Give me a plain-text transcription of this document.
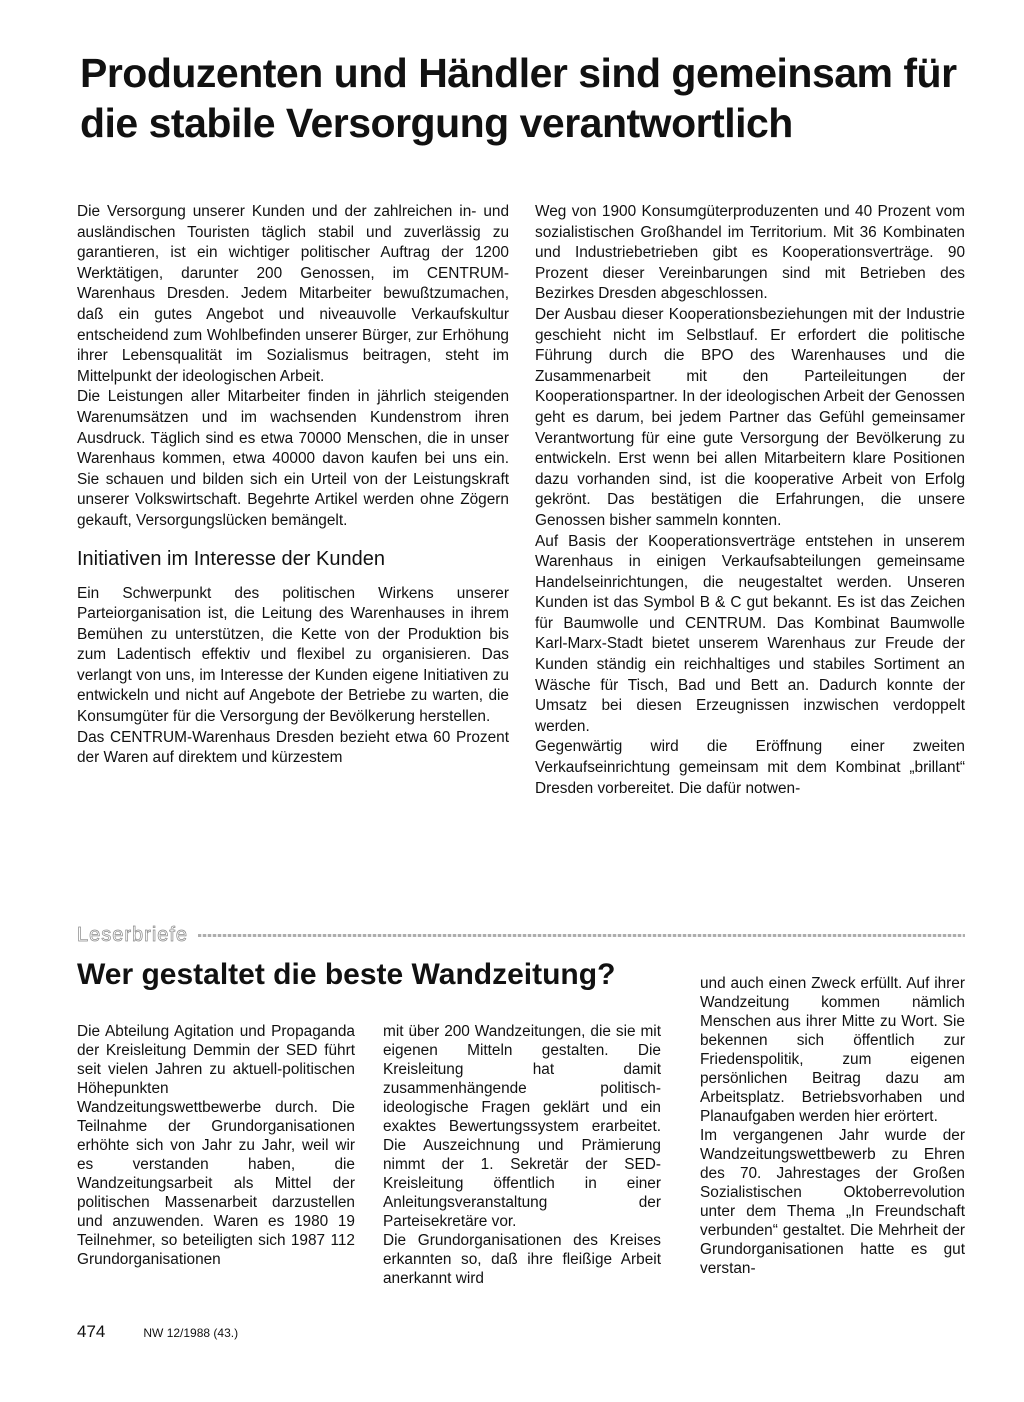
Produzenten und Händler sind gemeinsam für die stabile Versorgung verantwortlich

Die Versorgung unserer Kunden und der zahlreichen in- und ausländischen Touristen täglich stabil und zuverlässig zu garantieren, ist ein wichtiger politischer Auftrag der 1200 Werktätigen, darunter 200 Genossen, im CENTRUM-Warenhaus Dresden. Jedem Mitarbeiter bewußtzumachen, daß ein gutes Angebot und niveauvolle Verkaufskultur entscheidend zum Wohlbefinden unserer Bürger, zur Erhöhung ihrer Lebensqualität im Sozialismus beitragen, steht im Mittelpunkt der ideologischen Arbeit.

Die Leistungen aller Mitarbeiter finden in jährlich steigenden Warenumsätzen und im wachsenden Kundenstrom ihren Ausdruck. Täglich sind es etwa 70000 Menschen, die in unser Warenhaus kommen, etwa 40000 davon kaufen bei uns ein. Sie schauen und bilden sich ein Urteil von der Leistungskraft unserer Volkswirtschaft. Begehrte Artikel werden ohne Zögern gekauft, Versorgungslücken bemängelt.

Initiativen im Interesse der Kunden

Ein Schwerpunkt des politischen Wirkens unserer Parteiorganisation ist, die Leitung des Warenhauses in ihrem Bemühen zu unterstützen, die Kette von der Produktion bis zum Ladentisch effektiv und flexibel zu organisieren. Das verlangt von uns, im Interesse der Kunden eigene Initiativen zu entwickeln und nicht auf Angebote der Betriebe zu warten, die Konsumgüter für die Versorgung der Bevölkerung herstellen.

Das CENTRUM-Warenhaus Dresden bezieht etwa 60 Prozent der Waren auf direktem und kürzestem

Weg von 1900 Konsumgüterproduzenten und 40 Prozent vom sozialistischen Großhandel im Territorium. Mit 36 Kombinaten und Industriebetrieben gibt es Kooperationsverträge. 90 Prozent dieser Vereinbarungen sind mit Betrieben des Bezirkes Dresden abgeschlossen.

Der Ausbau dieser Kooperationsbeziehungen mit der Industrie geschieht nicht im Selbstlauf. Er erfordert die politische Führung durch die BPO des Warenhauses und die Zusammenarbeit mit den Parteileitungen der Kooperationspartner. In der ideologischen Arbeit der Genossen geht es darum, bei jedem Partner das Gefühl gemeinsamer Verantwortung für eine gute Versorgung der Bevölkerung zu entwickeln. Erst wenn bei allen Mitarbeitern klare Positionen dazu vorhanden sind, ist die kooperative Arbeit von Erfolg gekrönt. Das bestätigen die Erfahrungen, die unsere Genossen bisher sammeln konnten.

Auf Basis der Kooperationsverträge entstehen in unserem Warenhaus in einigen Verkaufsabteilungen gemeinsame Handelseinrichtungen, die neugestaltet werden. Unseren Kunden ist das Symbol B & C gut bekannt. Es ist das Zeichen für Baumwolle und CENTRUM. Das Kombinat Baumwolle Karl-Marx-Stadt bietet unserem Warenhaus zur Freude der Kunden ständig ein reichhaltiges und stabiles Sortiment an Wäsche für Tisch, Bad und Bett an. Dadurch konnte der Umsatz bei diesen Erzeugnissen inzwischen verdoppelt werden.

Gegenwärtig wird die Eröffnung einer zweiten Verkaufseinrichtung gemeinsam mit dem Kombinat „brillant“ Dresden vorbereitet. Die dafür notwen-

Leserbriefe
Wer gestaltet die beste Wandzeitung?

Die Abteilung Agitation und Propaganda der Kreisleitung Demmin der SED führt seit vielen Jahren zu aktuell-politischen Höhepunkten Wandzeitungswettbewerbe durch. Die Teilnahme der Grundorganisationen erhöhte sich von Jahr zu Jahr, weil wir es verstanden haben, die Wandzeitungsarbeit als Mittel der politischen Massenarbeit darzustellen und anzuwenden. Waren es 1980 19 Teilnehmer, so beteiligten sich 1987 112 Grundorganisationen

mit über 200 Wandzeitungen, die sie mit eigenen Mitteln gestalten. Die Kreisleitung hat damit zusammenhängende politisch-ideologische Fragen geklärt und ein exaktes Bewertungssystem erarbeitet. Die Auszeichnung und Prämierung nimmt der 1. Sekretär der SED-Kreisleitung öffentlich in einer Anleitungsveranstaltung der Parteisekretäre vor.

Die Grundorganisationen des Kreises erkannten so, daß ihre fleißige Arbeit anerkannt wird

und auch einen Zweck erfüllt. Auf ihrer Wandzeitung kommen nämlich Menschen aus ihrer Mitte zu Wort. Sie bekennen sich öffentlich zur Friedenspolitik, zum eigenen persönlichen Beitrag dazu am Arbeitsplatz. Betriebsvorhaben und Planaufgaben werden hier erörtert.

Im vergangenen Jahr wurde der Wandzeitungswettbewerb zu Ehren des 70. Jahrestages der Großen Sozialistischen Oktoberrevolution unter dem Thema „In Freundschaft verbunden“ gestaltet. Die Mehrheit der Grundorganisationen hatte es gut verstan-

474	NW 12/1988 (43.)
